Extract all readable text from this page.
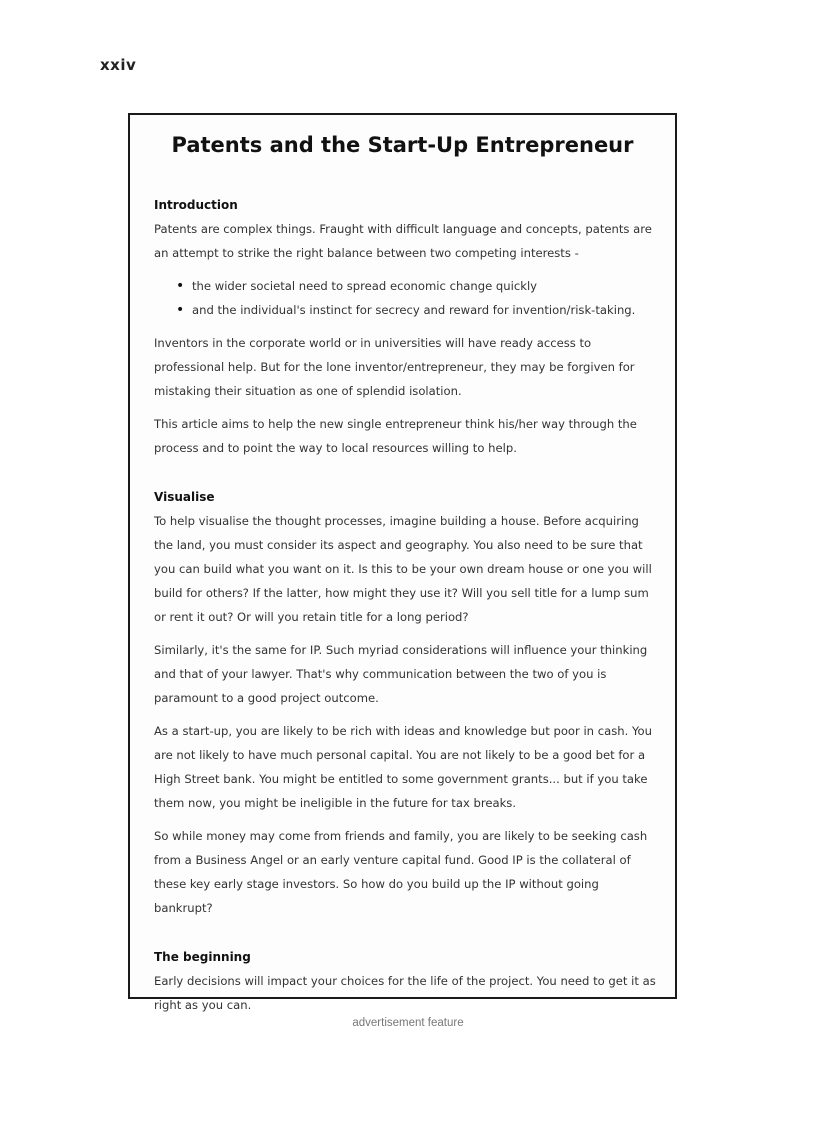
xxiv
Patents and the Start-Up Entrepreneur
Introduction

Patents are complex things. Fraught with difficult language and concepts, patents are an attempt to strike the right balance between two competing interests -

• the wider societal need to spread economic change quickly
• and the individual's instinct for secrecy and reward for invention/risk-taking.

Inventors in the corporate world or in universities will have ready access to professional help. But for the lone inventor/entrepreneur, they may be forgiven for mistaking their situation as one of splendid isolation.

This article aims to help the new single entrepreneur think his/her way through the process and to point the way to local resources willing to help.

Visualise

To help visualise the thought processes, imagine building a house. Before acquiring the land, you must consider its aspect and geography. You also need to be sure that you can build what you want on it. Is this to be your own dream house or one you will build for others? If the latter, how might they use it? Will you sell title for a lump sum or rent it out? Or will you retain title for a long period?

Similarly, it's the same for IP. Such myriad considerations will influence your thinking and that of your lawyer. That's why communication between the two of you is paramount to a good project outcome.

As a start-up, you are likely to be rich with ideas and knowledge but poor in cash. You are not likely to have much personal capital. You are not likely to be a good bet for a High Street bank. You might be entitled to some government grants... but if you take them now, you might be ineligible in the future for tax breaks.

So while money may come from friends and family, you are likely to be seeking cash from a Business Angel or an early venture capital fund. Good IP is the collateral of these key early stage investors. So how do you build up the IP without going bankrupt?

The beginning

Early decisions will impact your choices for the life of the project. You need to get it as right as you can.

advertisement feature
